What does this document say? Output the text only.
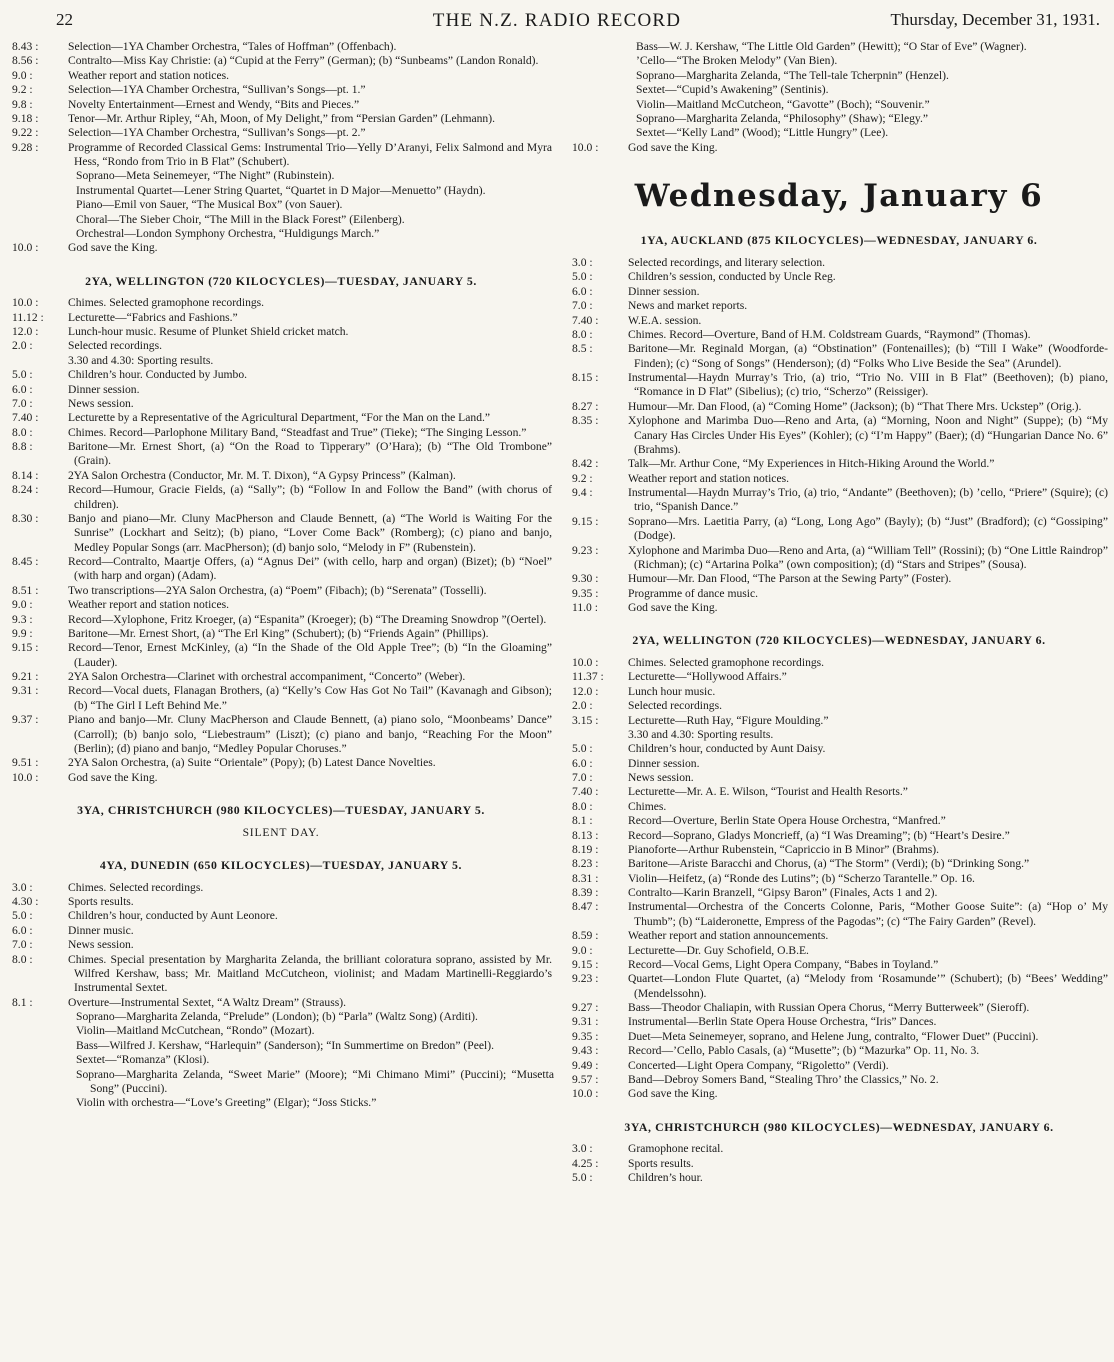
22	THE N.Z. RADIO RECORD	Thursday, December 31, 1931.
8.43 :	Selection—1YA Chamber Orchestra, “Tales of Hoffman” (Offenbach).
8.56 :	Contralto—Miss Kay Christie: (a) “Cupid at the Ferry” (German); (b) “Sunbeams” (Landon Ronald).
9.0 :	Weather report and station notices.
9.2 :	Selection—1YA Chamber Orchestra, “Sullivan’s Songs—pt. 1.”
9.8 :	Novelty Entertainment—Ernest and Wendy, “Bits and Pieces.”
9.18 :	Tenor—Mr. Arthur Ripley, “Ah, Moon, of My Delight,” from “Persian Garden” (Lehmann).
9.22 :	Selection—1YA Chamber Orchestra, “Sullivan’s Songs—pt. 2.”
9.28 :	Programme of Recorded Classical Gems: Instrumental Trio—Yelly D’Aranyi, Felix Salmond and Myra Hess, “Rondo from Trio in B Flat” (Schubert).
Soprano—Meta Seinemeyer, “The Night” (Rubinstein).
Instrumental Quartet—Lener String Quartet, “Quartet in D Major—Menuetto” (Haydn).
Piano—Emil von Sauer, “The Musical Box” (von Sauer).
Choral—The Sieber Choir, “The Mill in the Black Forest” (Eilenberg).
Orchestral—London Symphony Orchestra, “Huldigungs March.”
10.0 :	God save the King.
2YA, WELLINGTON (720 KILOCYCLES)—TUESDAY, JANUARY 5.
10.0 :	Chimes. Selected gramophone recordings.
11.12 :	Lecturette—“Fabrics and Fashions.”
12.0 :	Lunch-hour music. Resume of Plunket Shield cricket match.
2.0 :	Selected recordings.
3.30 and 4.30: Sporting results.
5.0 :	Children’s hour. Conducted by Jumbo.
6.0 :	Dinner session.
7.0 :	News session.
7.40 :	Lecturette by a Representative of the Agricultural Department, “For the Man on the Land.”
8.0 :	Chimes. Record—Parlophone Military Band, “Steadfast and True” (Tieke); “The Singing Lesson.”
8.8 :	Baritone—Mr. Ernest Short, (a) “On the Road to Tipperary” (O’Hara); (b) “The Old Trombone” (Grain).
8.14 :	2YA Salon Orchestra (Conductor, Mr. M. T. Dixon), “A Gypsy Princess” (Kalman).
8.24 :	Record—Humour, Gracie Fields, (a) “Sally”; (b) “Follow In and Follow the Band” (with chorus of children).
8.30 :	Banjo and piano—Mr. Cluny MacPherson and Claude Bennett, (a) “The World is Waiting For the Sunrise” (Lockhart and Seitz); (b) piano, “Lover Come Back” (Romberg); (c) piano and banjo, Medley Popular Songs (arr. MacPherson); (d) banjo solo, “Melody in F” (Rubenstein).
8.45 :	Record—Contralto, Maartje Offers, (a) “Agnus Dei” (with cello, harp and organ) (Bizet); (b) “Noel” (with harp and organ) (Adam).
8.51 :	Two transcriptions—2YA Salon Orchestra, (a) “Poem” (Fibach); (b) “Serenata” (Tosselli).
9.0 :	Weather report and station notices.
9.3 :	Record—Xylophone, Fritz Kroeger, (a) “Espanita” (Kroeger); (b) “The Dreaming Snowdrop ”(Oertel).
9.9 :	Baritone—Mr. Ernest Short, (a) “The Erl King” (Schubert); (b) “Friends Again” (Phillips).
9.15 :	Record—Tenor, Ernest McKinley, (a) “In the Shade of the Old Apple Tree”; (b) “In the Gloaming” (Lauder).
9.21 :	2YA Salon Orchestra—Clarinet with orchestral accompaniment, “Concerto” (Weber).
9.31 :	Record—Vocal duets, Flanagan Brothers, (a) “Kelly’s Cow Has Got No Tail” (Kavanagh and Gibson); (b) “The Girl I Left Behind Me.”
9.37 :	Piano and banjo—Mr. Cluny MacPherson and Claude Bennett, (a) piano solo, “Moonbeams’ Dance” (Carroll); (b) banjo solo, “Liebestraum” (Liszt); (c) piano and banjo, “Reaching For the Moon” (Berlin); (d) piano and banjo, “Medley Popular Choruses.”
9.51 :	2YA Salon Orchestra, (a) Suite “Orientale” (Popy); (b) Latest Dance Novelties.
10.0 :	God save the King.
3YA, CHRISTCHURCH (980 KILOCYCLES)—TUESDAY, JANUARY 5.
SILENT DAY.
4YA, DUNEDIN (650 KILOCYCLES)—TUESDAY, JANUARY 5.
3.0 :	Chimes. Selected recordings.
4.30 :	Sports results.
5.0 :	Children’s hour, conducted by Aunt Leonore.
6.0 :	Dinner music.
7.0 :	News session.
8.0 :	Chimes. Special presentation by Margharita Zelanda, the brilliant coloratura soprano, assisted by Mr. Wilfred Kershaw, bass; Mr. Maitland McCutcheon, violinist; and Madam Martinelli-Reggiardo’s Instrumental Sextet.
8.1 :	Overture—Instrumental Sextet, “A Waltz Dream” (Strauss).
Soprano—Margharita Zelanda, “Prelude” (London); (b) “Parla” (Waltz Song) (Arditi).
Violin—Maitland McCutchean, “Rondo” (Mozart).
Bass—Wilfred J. Kershaw, “Harlequin” (Sanderson); “In Summertime on Bredon” (Peel).
Sextet—“Romanza” (Klosi).
Soprano—Margharita Zelanda, “Sweet Marie” (Moore); “Mi Chimano Mimi” (Puccini); “Musetta Song” (Puccini).
Violin with orchestra—“Love’s Greeting” (Elgar); “Joss Sticks.”
Bass—W. J. Kershaw, “The Little Old Garden” (Hewitt); “O Star of Eve” (Wagner).
’Cello—“The Broken Melody” (Van Bien).
Soprano—Margharita Zelanda, “The Tell-tale Tcherpnin” (Henzel).
Sextet—“Cupid’s Awakening” (Sentinis).
Violin—Maitland McCutcheon, “Gavotte” (Boch); “Souvenir.”
Soprano—Margharita Zelanda, “Philosophy” (Shaw); “Elegy.”
Sextet—“Kelly Land” (Wood); “Little Hungry” (Lee).
10.0 :	God save the King.
Wednesday, January 6
1YA, AUCKLAND (875 KILOCYCLES)—WEDNESDAY, JANUARY 6.
3.0 :	Selected recordings, and literary selection.
5.0 :	Children’s session, conducted by Uncle Reg.
6.0 :	Dinner session.
7.0 :	News and market reports.
7.40 :	W.E.A. session.
8.0 :	Chimes. Record—Overture, Band of H.M. Coldstream Guards, “Raymond” (Thomas).
8.5 :	Baritone—Mr. Reginald Morgan, (a) “Obstination” (Fontenailles); (b) “Till I Wake” (Woodforde-Finden); (c) “Song of Songs” (Henderson); (d) “Folks Who Live Beside the Sea” (Arundel).
8.15 :	Instrumental—Haydn Murray’s Trio, (a) trio, “Trio No. VIII in B Flat” (Beethoven); (b) piano, “Romance in D Flat” (Sibelius); (c) trio, “Scherzo” (Reissiger).
8.27 :	Humour—Mr. Dan Flood, (a) “Coming Home” (Jackson); (b) “That There Mrs. Uckstep” (Orig.).
8.35 :	Xylophone and Marimba Duo—Reno and Arta, (a) “Morning, Noon and Night” (Suppe); (b) “My Canary Has Circles Under His Eyes” (Kohler); (c) “I’m Happy” (Baer); (d) “Hungarian Dance No. 6” (Brahms).
8.42 :	Talk—Mr. Arthur Cone, “My Experiences in Hitch-Hiking Around the World.”
9.2 :	Weather report and station notices.
9.4 :	Instrumental—Haydn Murray’s Trio, (a) trio, “Andante” (Beethoven); (b) ’cello, “Priere” (Squire); (c) trio, “Spanish Dance.”
9.15 :	Soprano—Mrs. Laetitia Parry, (a) “Long, Long Ago” (Bayly); (b) “Just” (Bradford); (c) “Gossiping” (Dodge).
9.23 :	Xylophone and Marimba Duo—Reno and Arta, (a) “William Tell” (Rossini); (b) “One Little Raindrop” (Richman); (c) “Artarina Polka” (own composition); (d) “Stars and Stripes” (Sousa).
9.30 :	Humour—Mr. Dan Flood, “The Parson at the Sewing Party” (Foster).
9.35 :	Programme of dance music.
11.0 :	God save the King.
2YA, WELLINGTON (720 KILOCYCLES)—WEDNESDAY, JANUARY 6.
10.0 :	Chimes. Selected gramophone recordings.
11.37 :	Lecturette—“Hollywood Affairs.”
12.0 :	Lunch hour music.
2.0 :	Selected recordings.
3.15 :	Lecturette—Ruth Hay, “Figure Moulding.”
3.30 and 4.30: Sporting results.
5.0 :	Children’s hour, conducted by Aunt Daisy.
6.0 :	Dinner session.
7.0 :	News session.
7.40 :	Lecturette—Mr. A. E. Wilson, “Tourist and Health Resorts.”
8.0 :	Chimes.
8.1 :	Record—Overture, Berlin State Opera House Orchestra, “Manfred.”
8.13 :	Record—Soprano, Gladys Moncrieff, (a) “I Was Dreaming”; (b) “Heart’s Desire.”
8.19 :	Pianoforte—Arthur Rubenstein, “Capriccio in B Minor” (Brahms).
8.23 :	Baritone—Ariste Baracchi and Chorus, (a) “The Storm” (Verdi); (b) “Drinking Song.”
8.31 :	Violin—Heifetz, (a) “Ronde des Lutins”; (b) “Scherzo Tarantelle.” Op. 16.
8.39 :	Contralto—Karin Branzell, “Gipsy Baron” (Finales, Acts 1 and 2).
8.47 :	Instrumental—Orchestra of the Concerts Colonne, Paris, “Mother Goose Suite”: (a) “Hop o’ My Thumb”; (b) “Laideronette, Empress of the Pagodas”; (c) “The Fairy Garden” (Revel).
8.59 :	Weather report and station announcements.
9.0 :	Lecturette—Dr. Guy Schofield, O.B.E.
9.15 :	Record—Vocal Gems, Light Opera Company, “Babes in Toyland.”
9.23 :	Quartet—London Flute Quartet, (a) “Melody from ‘Rosamunde’” (Schubert); (b) “Bees’ Wedding” (Mendelssohn).
9.27 :	Bass—Theodor Chaliapin, with Russian Opera Chorus, “Merry Butterweek” (Sieroff).
9.31 :	Instrumental—Berlin State Opera House Orchestra, “Iris” Dances.
9.35 :	Duet—Meta Seinemeyer, soprano, and Helene Jung, contralto, “Flower Duet” (Puccini).
9.43 :	Record—’Cello, Pablo Casals, (a) “Musette”; (b) “Mazurka” Op. 11, No. 3.
9.49 :	Concerted—Light Opera Company, “Rigoletto” (Verdi).
9.57 :	Band—Debroy Somers Band, “Stealing Thro’ the Classics,” No. 2.
10.0 :	God save the King.
3YA, CHRISTCHURCH (980 KILOCYCLES)—WEDNESDAY, JANUARY 6.
3.0 :	Gramophone recital.
4.25 :	Sports results.
5.0 :	Children’s hour.
